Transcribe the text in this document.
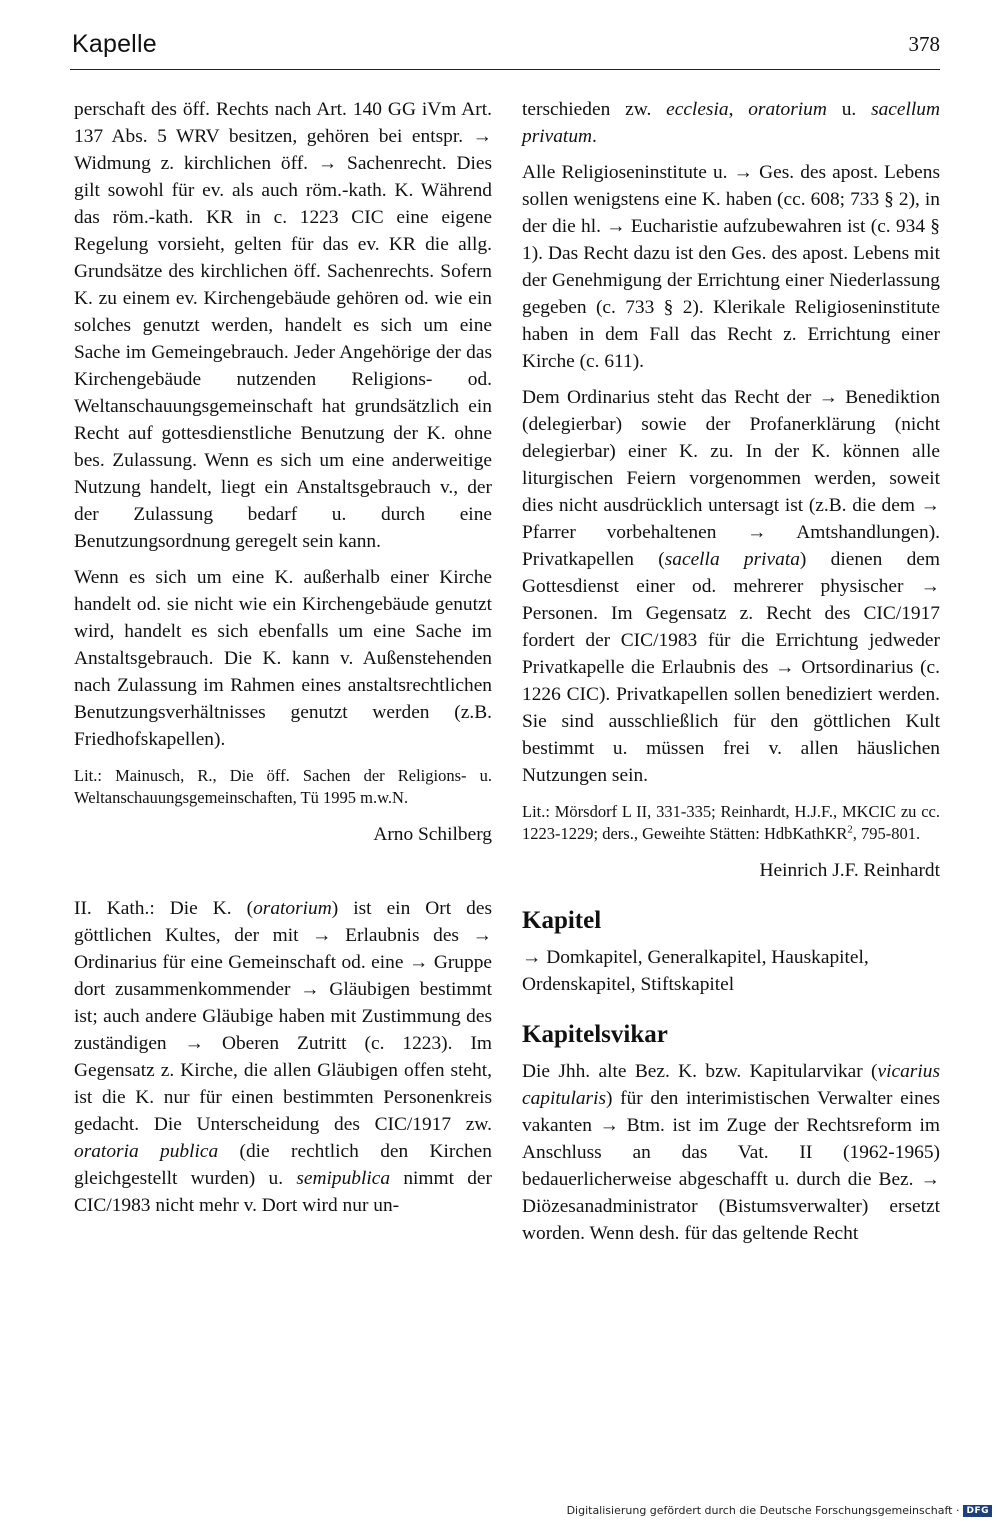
Kapelle	378

perschaft des öff. Rechts nach Art. 140 GG iVm Art. 137 Abs. 5 WRV besitzen, gehören bei entspr. → Widmung z. kirchlichen öff. → Sachenrecht. Dies gilt sowohl für ev. als auch röm.-kath. K. Während das röm.-kath. KR in c. 1223 CIC eine eigene Regelung vorsieht, gelten für das ev. KR die allg. Grundsätze des kirchlichen öff. Sachenrechts. Sofern K. zu einem ev. Kirchengebäude gehören od. wie ein solches genutzt werden, handelt es sich um eine Sache im Gemeingebrauch. Jeder Angehörige der das Kirchengebäude nutzenden Religions- od. Weltanschauungsgemeinschaft hat grundsätzlich ein Recht auf gottesdienstliche Benutzung der K. ohne bes. Zulassung. Wenn es sich um eine anderweitige Nutzung handelt, liegt ein Anstaltsgebrauch v., der der Zulassung bedarf u. durch eine Benutzungsordnung geregelt sein kann.

Wenn es sich um eine K. außerhalb einer Kirche handelt od. sie nicht wie ein Kirchengebäude genutzt wird, handelt es sich ebenfalls um eine Sache im Anstaltsgebrauch. Die K. kann v. Außenstehenden nach Zulassung im Rahmen eines anstaltsrechtlichen Benutzungsverhältnisses genutzt werden (z.B. Friedhofskapellen).

Lit.: Mainusch, R., Die öff. Sachen der Religions- u. Weltanschauungsgemeinschaften, Tü 1995 m.w.N.

Arno Schilberg

II. Kath.: Die K. (oratorium) ist ein Ort des göttlichen Kultes, der mit → Erlaubnis des → Ordinarius für eine Gemeinschaft od. eine → Gruppe dort zusammenkommender → Gläubigen bestimmt ist; auch andere Gläubige haben mit Zustimmung des zuständigen → Oberen Zutritt (c. 1223). Im Gegensatz z. Kirche, die allen Gläubigen offen steht, ist die K. nur für einen bestimmten Personenkreis gedacht. Die Unterscheidung des CIC/1917 zw. oratoria publica (die rechtlich den Kirchen gleichgestellt wurden) u. semipublica nimmt der CIC/1983 nicht mehr v. Dort wird nur un-

terschieden zw. ecclesia, oratorium u. sacellum privatum.

Alle Religioseninstitute u. → Ges. des apost. Lebens sollen wenigstens eine K. haben (cc. 608; 733 § 2), in der die hl. → Eucharistie aufzubewahren ist (c. 934 § 1). Das Recht dazu ist den Ges. des apost. Lebens mit der Genehmigung der Errichtung einer Niederlassung gegeben (c. 733 § 2). Klerikale Religioseninstitute haben in dem Fall das Recht z. Errichtung einer Kirche (c. 611).

Dem Ordinarius steht das Recht der → Benediktion (delegierbar) sowie der Profanerklärung (nicht delegierbar) einer K. zu. In der K. können alle liturgischen Feiern vorgenommen werden, soweit dies nicht ausdrücklich untersagt ist (z.B. die dem → Pfarrer vorbehaltenen → Amtshandlungen). Privatkapellen (sacella privata) dienen dem Gottesdienst einer od. mehrerer physischer → Personen. Im Gegensatz z. Recht des CIC/1917 fordert der CIC/1983 für die Errichtung jedweder Privatkapelle die Erlaubnis des → Ortsordinarius (c. 1226 CIC). Privatkapellen sollen benediziert werden. Sie sind ausschließlich für den göttlichen Kult bestimmt u. müssen frei v. allen häuslichen Nutzungen sein.

Lit.: Mörsdorf L II, 331-335; Reinhardt, H.J.F., MKCIC zu cc. 1223-1229; ders., Geweihte Stätten: HdbKathKR$^2$, 795-801.

Heinrich J.F. Reinhardt

Kapitel

→ Domkapitel, Generalkapitel, Hauskapitel, Ordenskapitel, Stiftskapitel

Kapitelsvikar

Die Jhh. alte Bez. K. bzw. Kapitularvikar (vicarius capitularis) für den interimistischen Verwalter eines vakanten → Btm. ist im Zuge der Rechtsreform im Anschluss an das Vat. II (1962-1965) bedauerlicherweise abgeschafft u. durch die Bez. → Diözesanadministrator (Bistumsverwalter) ersetzt worden. Wenn desh. für das geltende Recht

Digitalisierung gefördert durch die Deutsche Forschungsgemeinschaft · DFG
